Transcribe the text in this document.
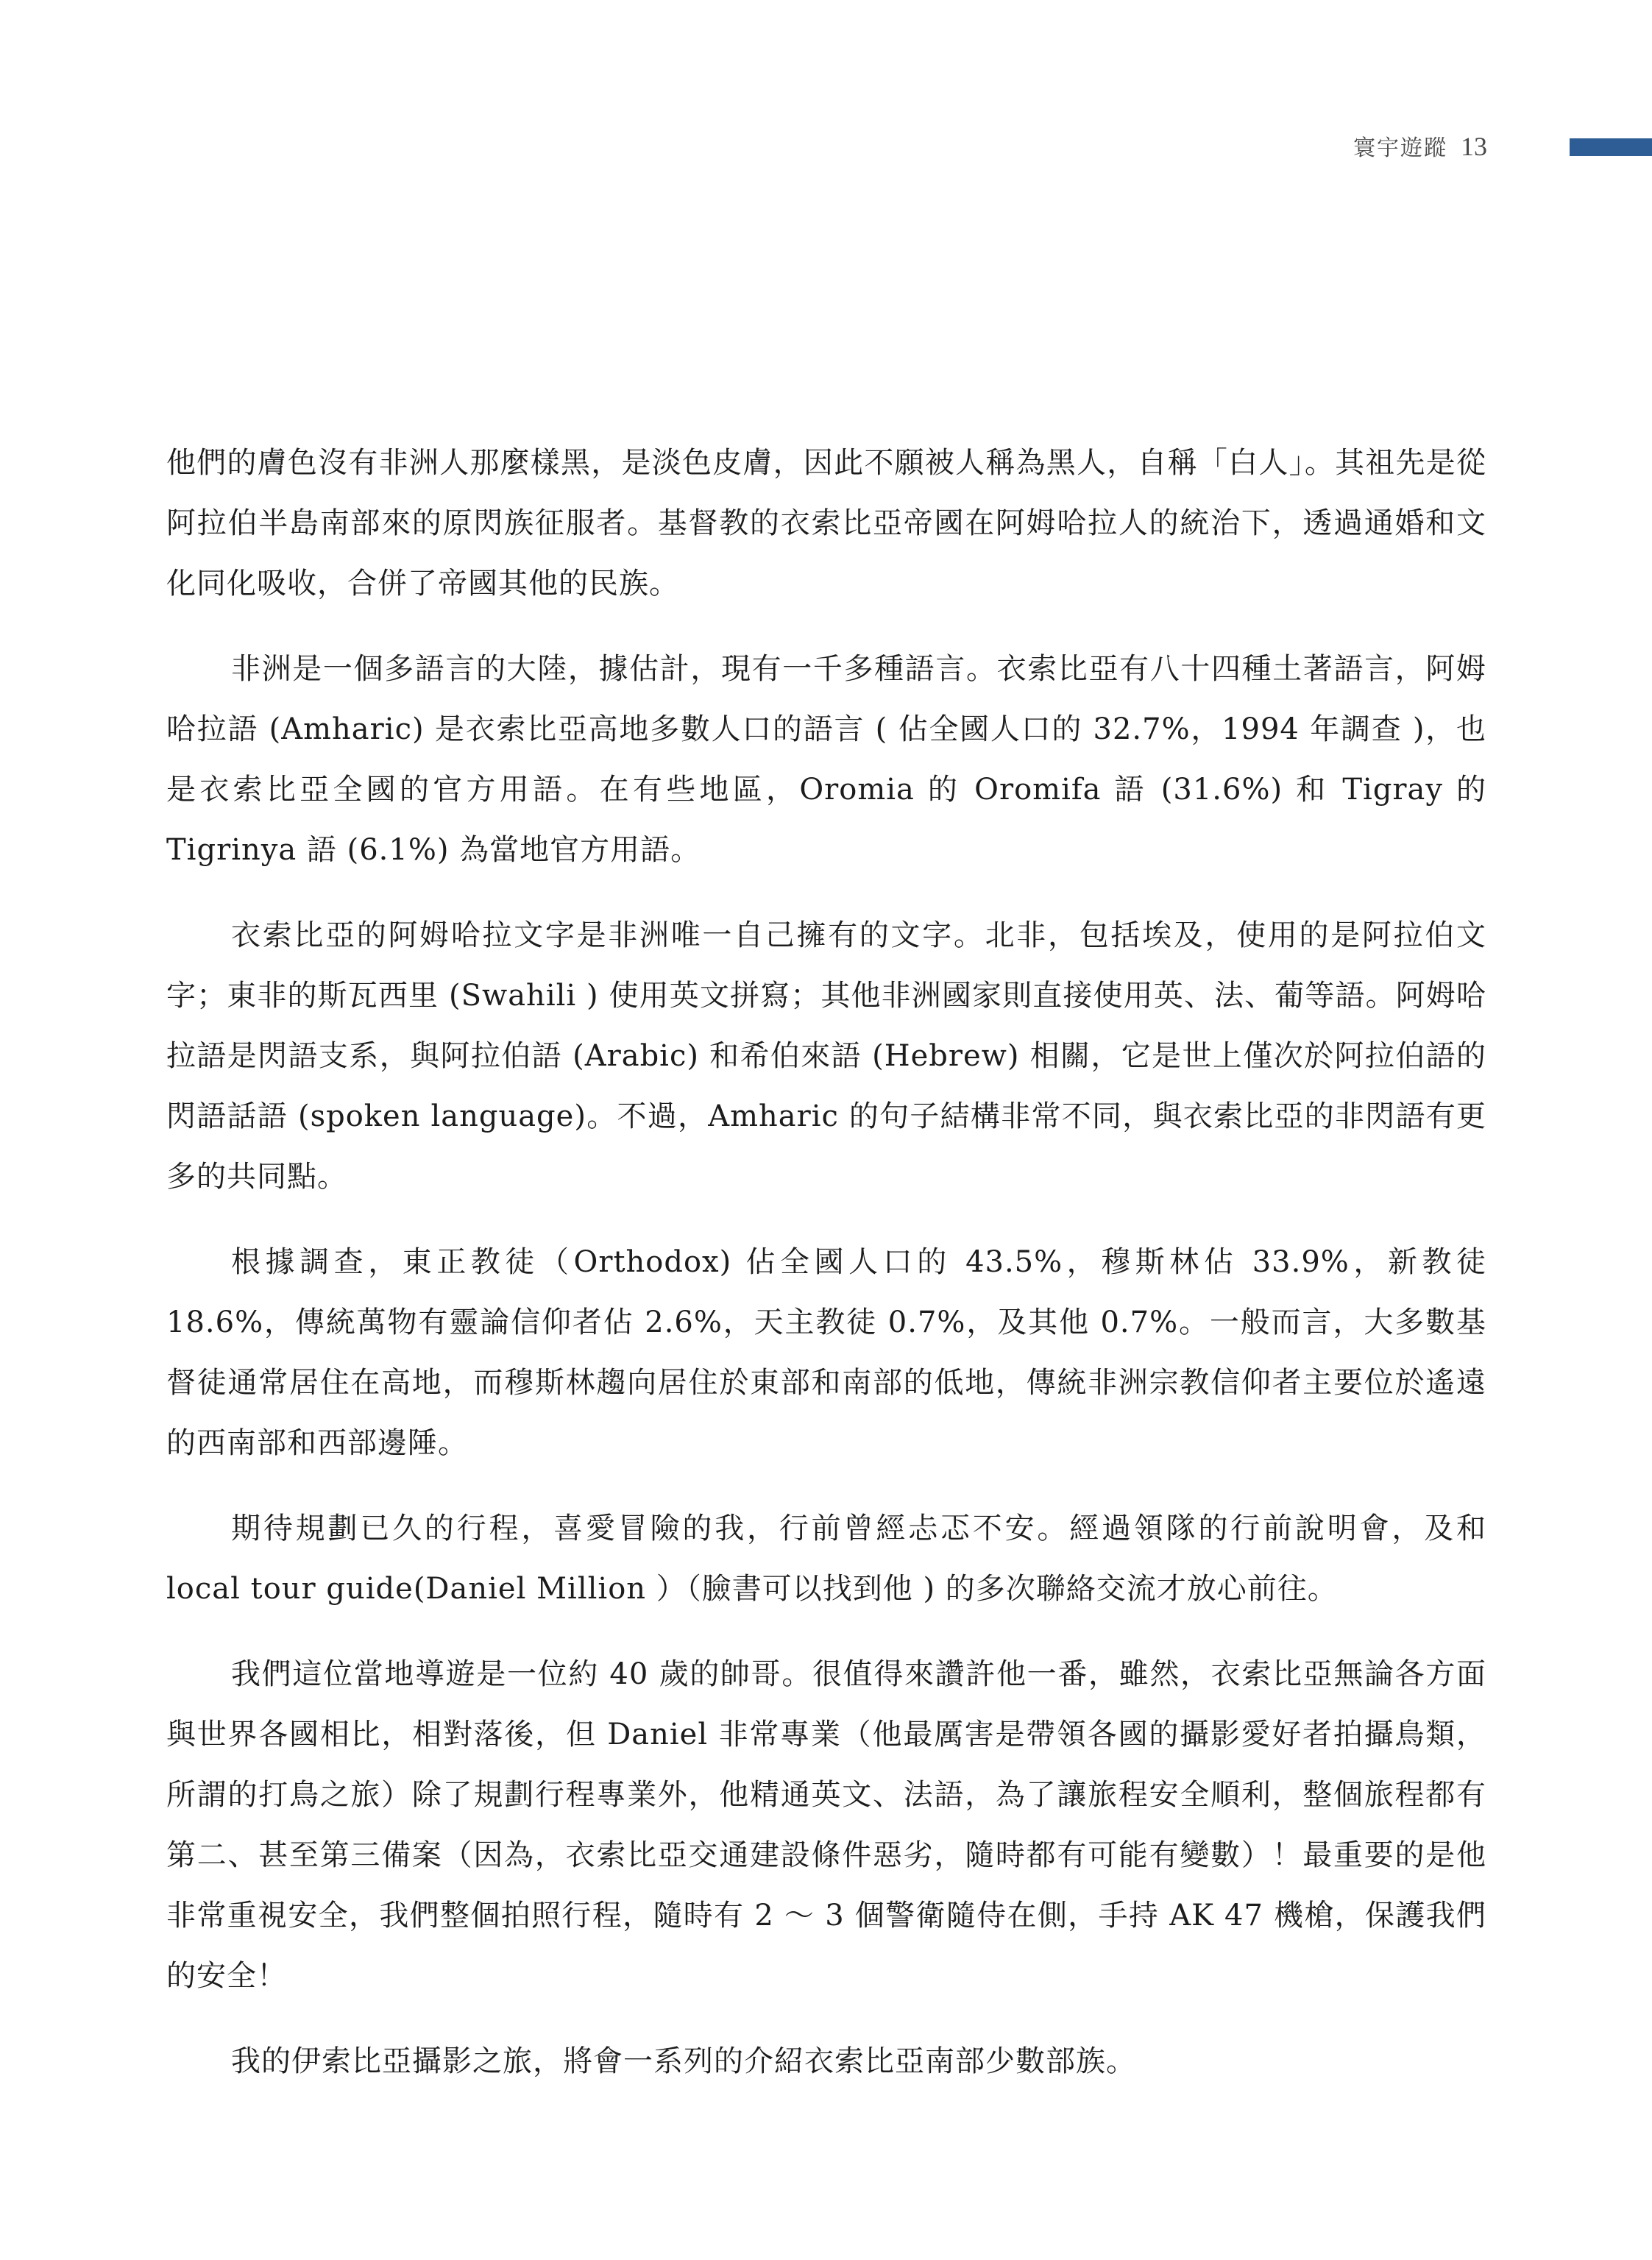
寰宇遊蹤 13

他們的膚色沒有非洲人那麼樣黑，是淡色皮膚，因此不願被人稱為黑人，自稱「白人」。其祖先是從阿拉伯半島南部來的原閃族征服者。基督教的衣索比亞帝國在阿姆哈拉人的統治下，透過通婚和文化同化吸收，合併了帝國其他的民族。

非洲是一個多語言的大陸，據估計，現有一千多種語言。衣索比亞有八十四種土著語言，阿姆哈拉語 (Amharic) 是衣索比亞高地多數人口的語言 ( 佔全國人口的 32.7%，1994 年調查 )，也是衣索比亞全國的官方用語。在有些地區，Oromia 的 Oromifa 語 (31.6%) 和 Tigray 的 Tigrinya 語 (6.1%) 為當地官方用語。

衣索比亞的阿姆哈拉文字是非洲唯一自己擁有的文字。北非，包括埃及，使用的是阿拉伯文字；東非的斯瓦西里 (Swahili ) 使用英文拼寫；其他非洲國家則直接使用英、法、葡等語。阿姆哈拉語是閃語支系，與阿拉伯語 (Arabic) 和希伯來語 (Hebrew) 相關，它是世上僅次於阿拉伯語的閃語話語 (spoken language)。不過，Amharic 的句子結構非常不同，與衣索比亞的非閃語有更多的共同點。

根據調查，東正教徒（Orthodox) 佔全國人口的 43.5%，穆斯林佔 33.9%，新教徒 18.6%，傳統萬物有靈論信仰者佔 2.6%，天主教徒 0.7%，及其他 0.7%。一般而言，大多數基督徒通常居住在高地，而穆斯林趨向居住於東部和南部的低地，傳統非洲宗教信仰者主要位於遙遠的西南部和西部邊陲。

期待規劃已久的行程，喜愛冒險的我，行前曾經忐忑不安。經過領隊的行前說明會，及和 local tour guide(Daniel Million ）（臉書可以找到他 ) 的多次聯絡交流才放心前往。

我們這位當地導遊是一位約 40 歲的帥哥。很值得來讚許他一番，雖然，衣索比亞無論各方面與世界各國相比，相對落後，但 Daniel 非常專業（他最厲害是帶領各國的攝影愛好者拍攝鳥類，所謂的打鳥之旅）除了規劃行程專業外，他精通英文、法語，為了讓旅程安全順利，整個旅程都有第二、甚至第三備案（因為，衣索比亞交通建設條件惡劣，隨時都有可能有變數）！最重要的是他非常重視安全，我們整個拍照行程，隨時有 2 ～ 3 個警衛隨侍在側，手持 AK 47 機槍，保護我們的安全！

我的伊索比亞攝影之旅，將會一系列的介紹衣索比亞南部少數部族。
